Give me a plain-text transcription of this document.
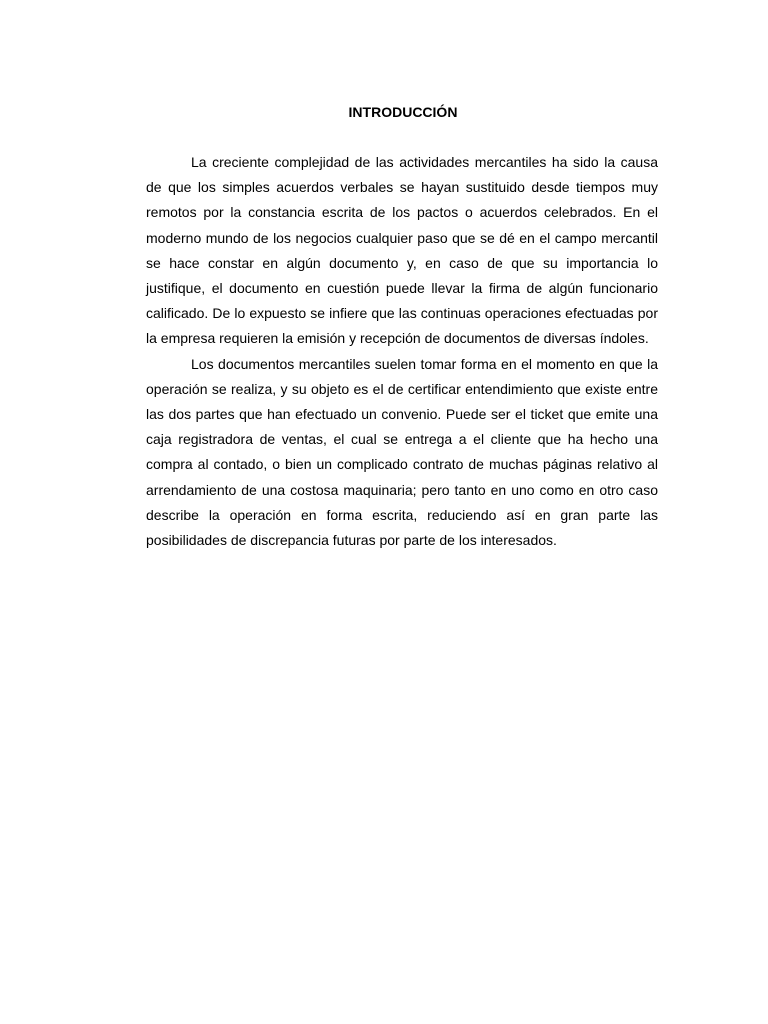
INTRODUCCIÓN

La creciente complejidad de las actividades mercantiles ha sido la causa de que los simples acuerdos verbales se hayan sustituido desde tiempos muy remotos por la constancia escrita de los pactos o acuerdos celebrados. En el moderno mundo de los negocios cualquier paso que se dé en el campo mercantil se hace constar en algún documento y, en caso de que su importancia lo justifique, el documento en cuestión puede llevar la firma de algún funcionario calificado. De lo expuesto se infiere que las continuas operaciones efectuadas por la empresa requieren la emisión y recepción de documentos de diversas índoles.

Los documentos mercantiles suelen tomar forma en el momento en que la operación se realiza, y su objeto es el de certificar entendimiento que existe entre las dos partes que han efectuado un convenio. Puede ser el ticket que emite una caja registradora de ventas, el cual se entrega a el cliente que ha hecho una compra al contado, o bien un complicado contrato de muchas páginas relativo al arrendamiento de una costosa maquinaria; pero tanto en uno como en otro caso describe la operación en forma escrita, reduciendo así en gran parte las posibilidades de discrepancia futuras por parte de los interesados.
